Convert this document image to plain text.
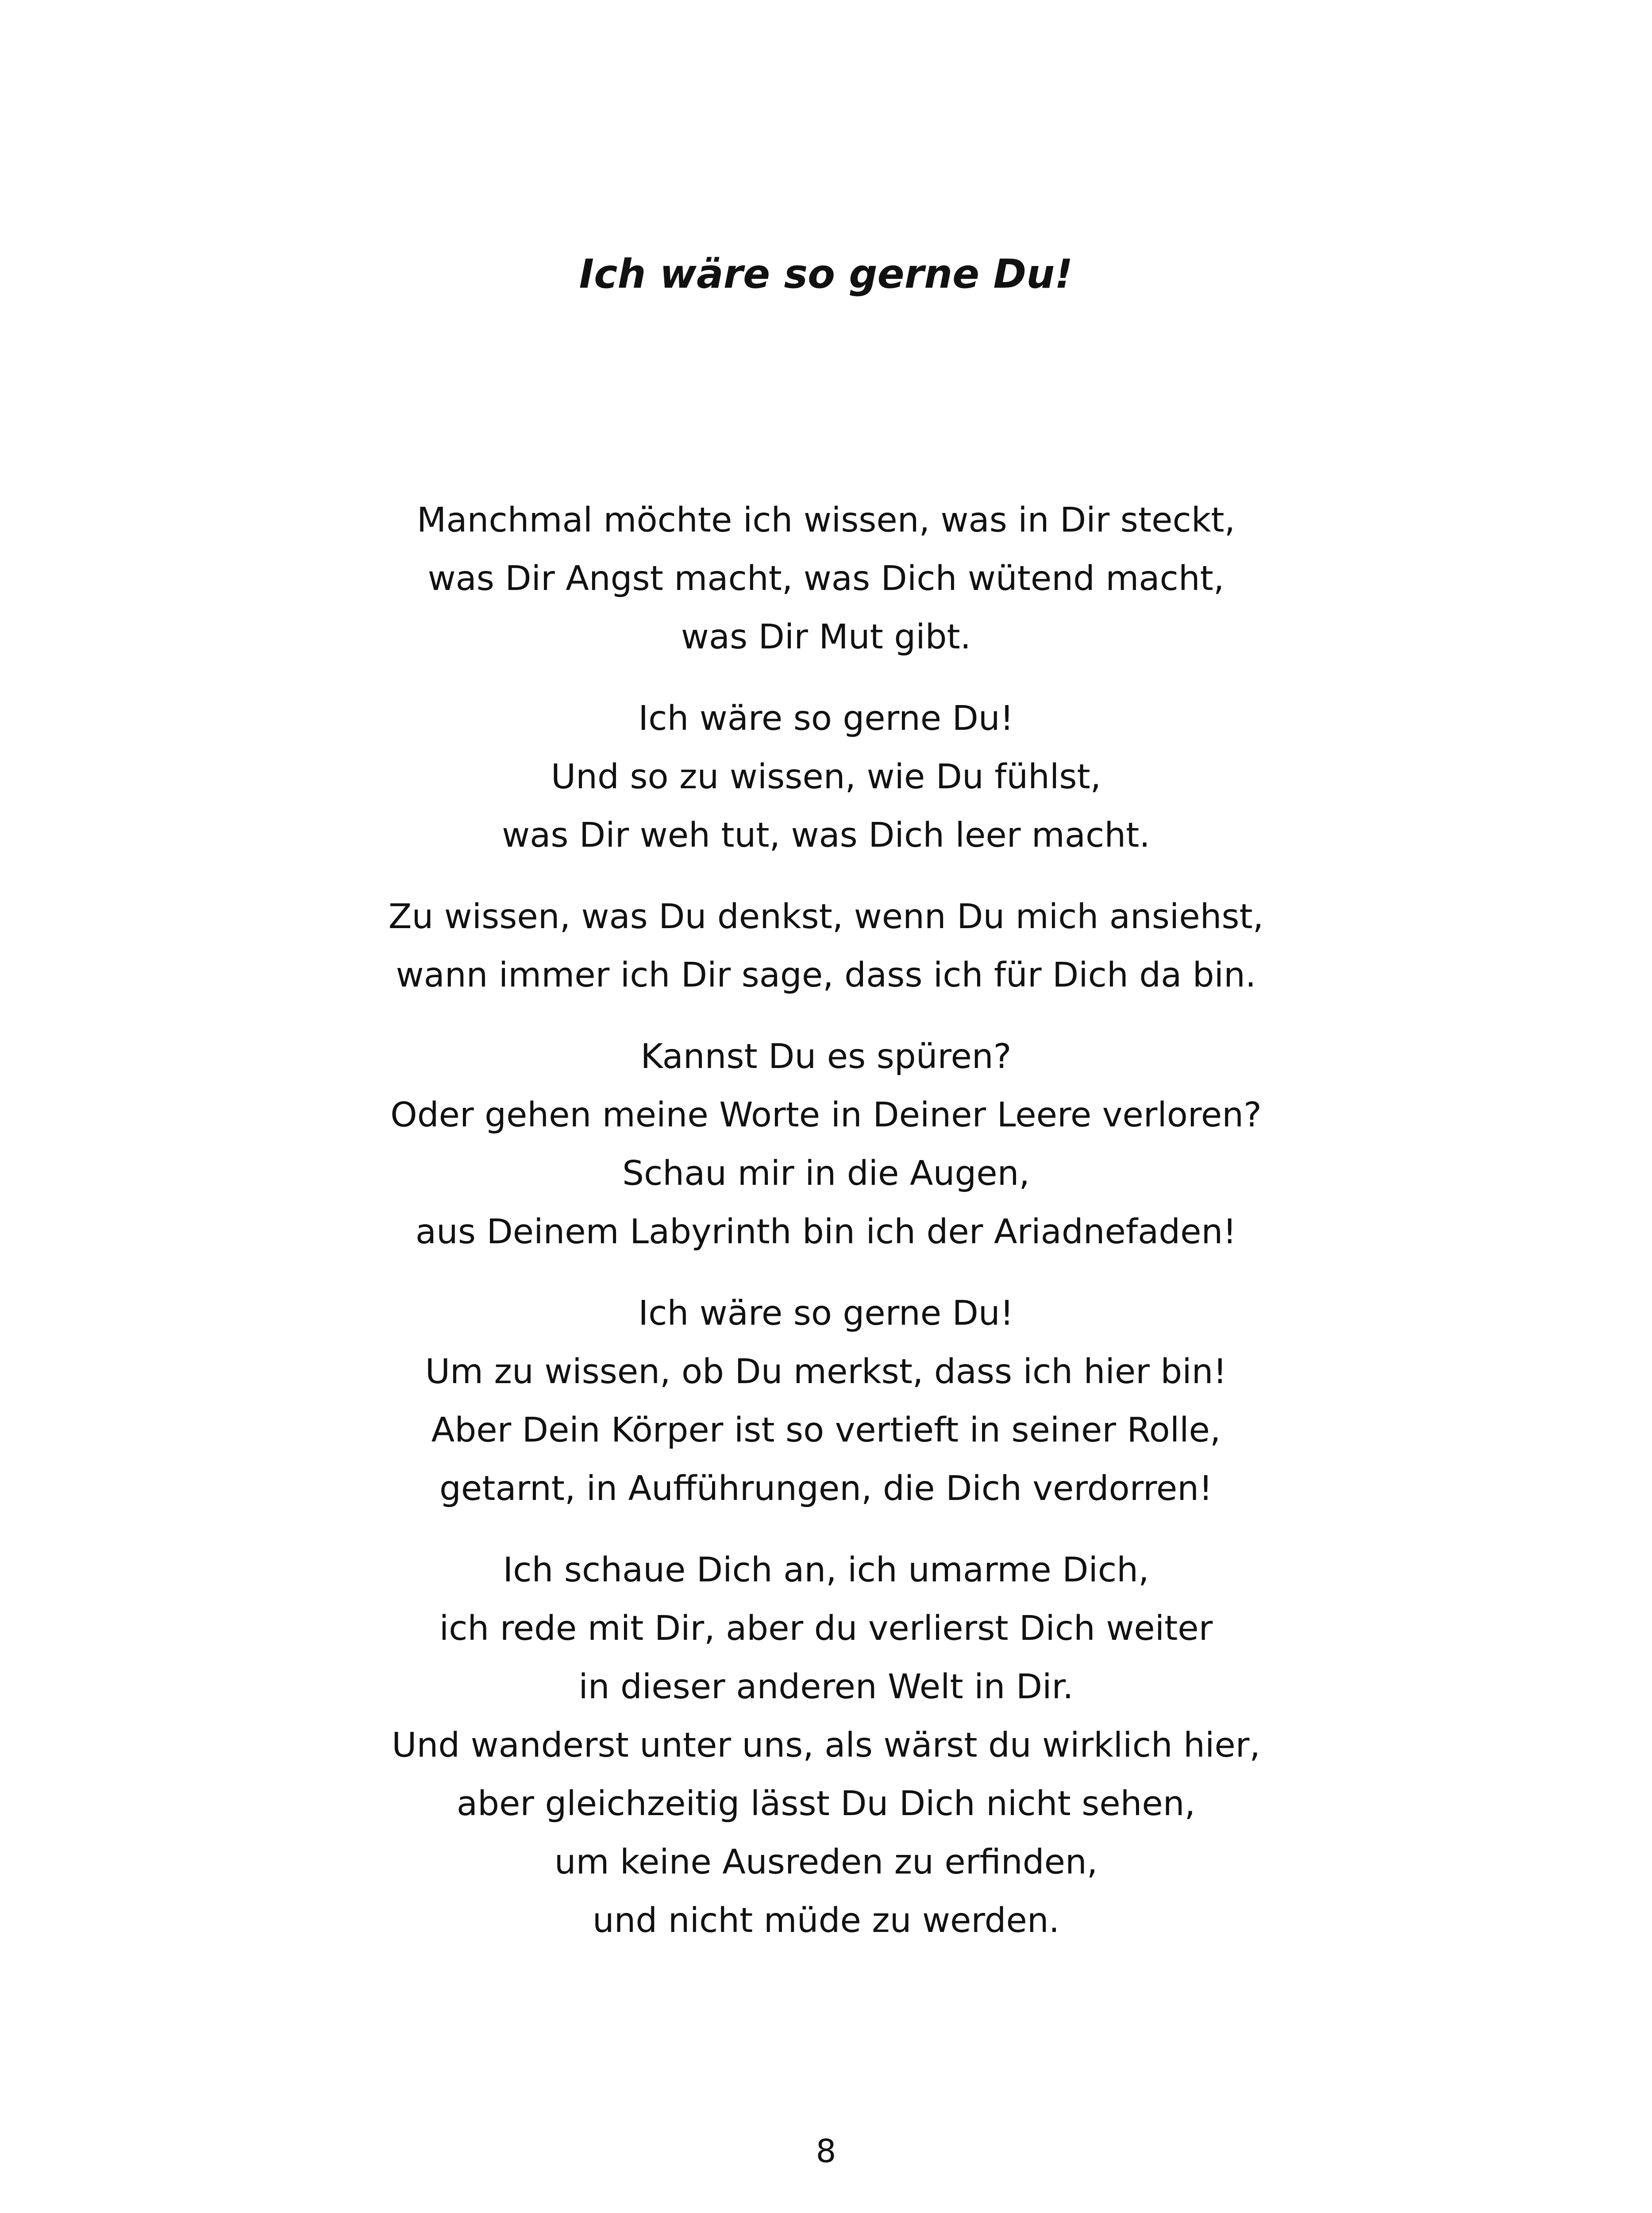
Ich wäre so gerne Du!
Manchmal möchte ich wissen, was in Dir steckt,
was Dir Angst macht, was Dich wütend macht,
was Dir Mut gibt.
Ich wäre so gerne Du!
Und so zu wissen, wie Du fühlst,
was Dir weh tut, was Dich leer macht.
Zu wissen, was Du denkst, wenn Du mich ansiehst,
wann immer ich Dir sage, dass ich für Dich da bin.
Kannst Du es spüren?
Oder gehen meine Worte in Deiner Leere verloren?
Schau mir in die Augen,
aus Deinem Labyrinth bin ich der Ariadnefaden!
Ich wäre so gerne Du!
Um zu wissen, ob Du merkst, dass ich hier bin!
Aber Dein Körper ist so vertieft in seiner Rolle,
getarnt, in Aufführungen, die Dich verdorren!
Ich schaue Dich an, ich umarme Dich,
ich rede mit Dir, aber du verlierst Dich weiter
in dieser anderen Welt in Dir.
Und wanderst unter uns, als wärst du wirklich hier,
aber gleichzeitig lässt Du Dich nicht sehen,
um keine Ausreden zu erfinden,
und nicht müde zu werden.
8
